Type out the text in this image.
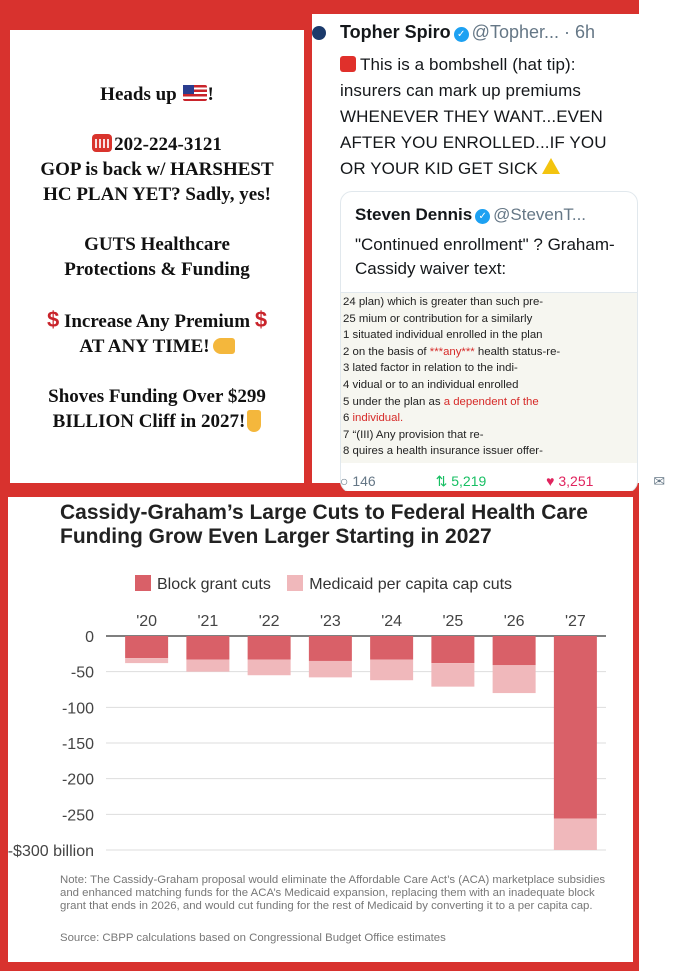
Heads up !
202-224-3121
GOP is back w/ HARSHEST
HC PLAN YET? Sadly, yes!
GUTS Healthcare
Protections & Funding
$ Increase Any Premium $
AT ANY TIME!
Shoves Funding Over $299
BILLION Cliff in 2027!
Topher Spiro ✓ @Topher... · 6h
This is a bombshell (hat tip): insurers can mark up premiums WHENEVER THEY WANT...EVEN AFTER YOU ENROLLED...IF YOU OR YOUR KID GET SICK
Steven Dennis ✓ @StevenT...
"Continued enrollment" ? Graham-Cassidy waiver text:
24 plan) which is greater than such pre-
25 mium or contribution for a similarly
1 situated individual enrolled in the plan
2 on the basis of ***any*** health status-re-
3 lated factor in relation to the indi-
4 vidual or to an individual enrolled
5 under the plan as a dependent of the
6 individual.
7 “(III) Any provision that re-
8 quires a health insurance issuer offer-
○ 146	⇅ 5,219	♥ 3,251	✉
Cassidy-Graham’s Large Cuts to Federal Health Care Funding Grow Even Larger Starting in 2027
Block grant cuts Medicaid per capita cap cuts
0
-50
-100
-150
-200
-250
-$300 billion
'20	'21	'22	'23	'24	'25	'26	'27
Note: The Cassidy-Graham proposal would eliminate the Affordable Care Act’s (ACA) marketplace subsidies and enhanced matching funds for the ACA’s Medicaid expansion, replacing them with an inadequate block grant that ends in 2026, and would cut funding for the rest of Medicaid by converting it to a per capita cap.
Source: CBPP calculations based on Congressional Budget Office estimates
